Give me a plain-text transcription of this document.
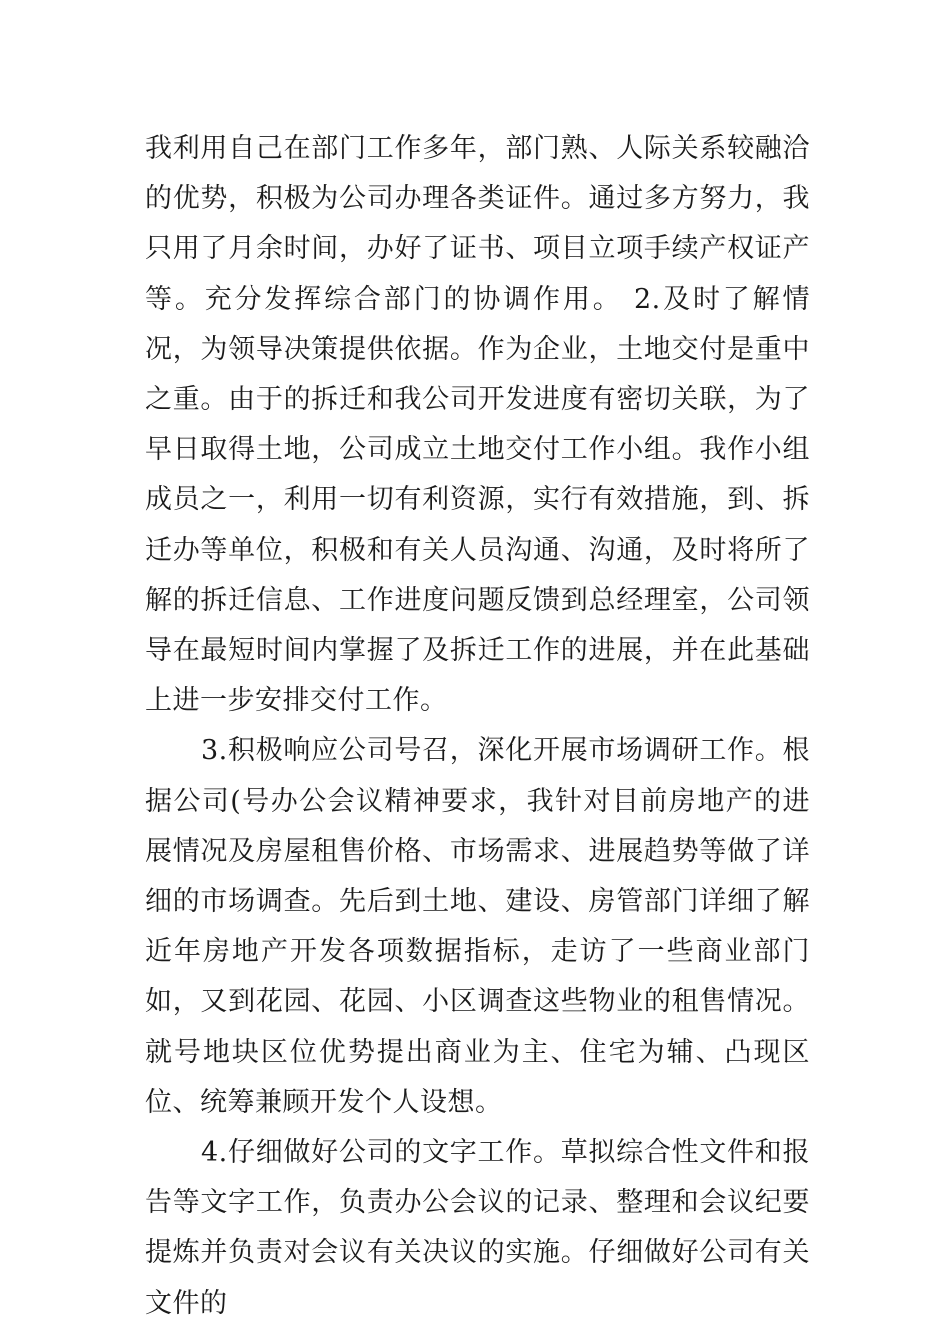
我利用自己在部门工作多年，部门熟、人际关系较融洽的优势，积极为公司办理各类证件。通过多方努力，我只用了月余时间，办好了证书、项目立项手续产权证产等。充分发挥综合部门的协调作用。 2.及时了解情况，为领导决策提供依据。作为企业，土地交付是重中之重。由于的拆迁和我公司开发进度有密切关联，为了早日取得土地，公司成立土地交付工作小组。我作小组成员之一，利用一切有利资源，实行有效措施，到、拆迁办等单位，积极和有关人员沟通、沟通，及时将所了解的拆迁信息、工作进度问题反馈到总经理室，公司领导在最短时间内掌握了及拆迁工作的进展，并在此基础上进一步安排交付工作。

3.积极响应公司号召，深化开展市场调研工作。根据公司(号办公会议精神要求，我针对目前房地产的进展情况及房屋租售价格、市场需求、进展趋势等做了详细的市场调查。先后到土地、建设、房管部门详细了解近年房地产开发各项数据指标，走访了一些商业部门如，又到花园、花园、小区调查这些物业的租售情况。就号地块区位优势提出商业为主、住宅为辅、凸现区位、统筹兼顾开发个人设想。

4.仔细做好公司的文字工作。草拟综合性文件和报告等文字工作，负责办公会议的记录、整理和会议纪要提炼并负责对会议有关决议的实施。仔细做好公司有关文件的
